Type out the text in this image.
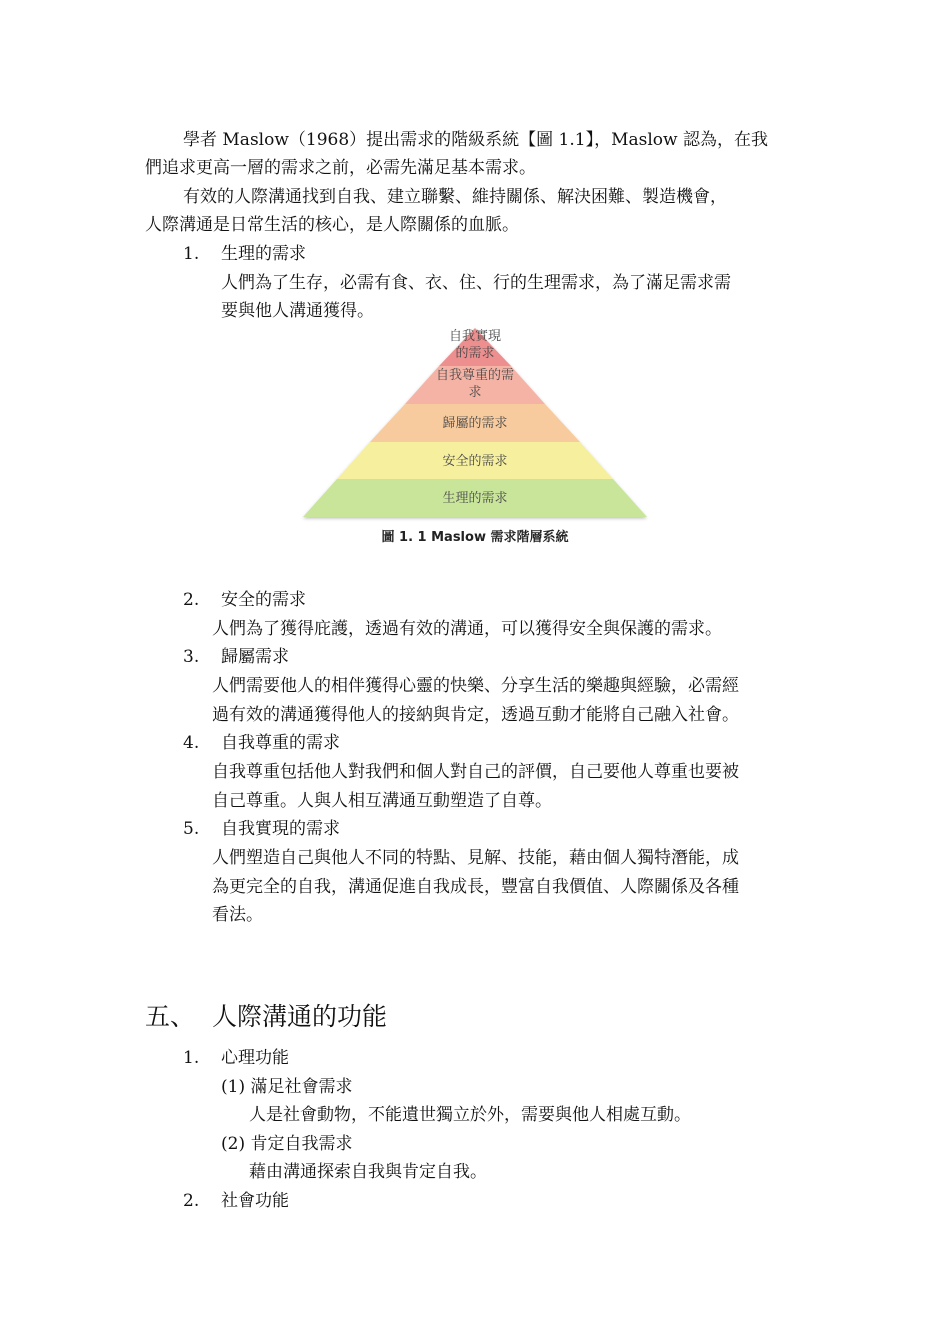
學者 Maslow（1968）提出需求的階級系統【圖 1.1】，Maslow 認為，在我
們追求更高一層的需求之前，必需先滿足基本需求。
有效的人際溝通找到自我、建立聯繫、維持關係、解決困難、製造機會，
人際溝通是日常生活的核心，是人際關係的血脈。
1. 生理的需求
人們為了生存，必需有食、衣、住、行的生理需求，為了滿足需求需
要與他人溝通獲得。
自我實現
的需求
自我尊重的需
求
歸屬的需求
安全的需求
生理的需求
圖 1. 1 Maslow 需求階層系統
2. 安全的需求
人們為了獲得庇護，透過有效的溝通，可以獲得安全與保護的需求。
3. 歸屬需求
人們需要他人的相伴獲得心靈的快樂、分享生活的樂趣與經驗，必需經
過有效的溝通獲得他人的接納與肯定，透過互動才能將自己融入社會。
4. 自我尊重的需求
自我尊重包括他人對我們和個人對自己的評價，自己要他人尊重也要被
自己尊重。人與人相互溝通互動塑造了自尊。
5. 自我實現的需求
人們塑造自己與他人不同的特點、見解、技能，藉由個人獨特潛能，成
為更完全的自我，溝通促進自我成長，豐富自我價值、人際關係及各種
看法。
五、 人際溝通的功能
1. 心理功能
(1) 滿足社會需求
人是社會動物，不能遺世獨立於外，需要與他人相處互動。
(2) 肯定自我需求
藉由溝通探索自我與肯定自我。
2. 社會功能
